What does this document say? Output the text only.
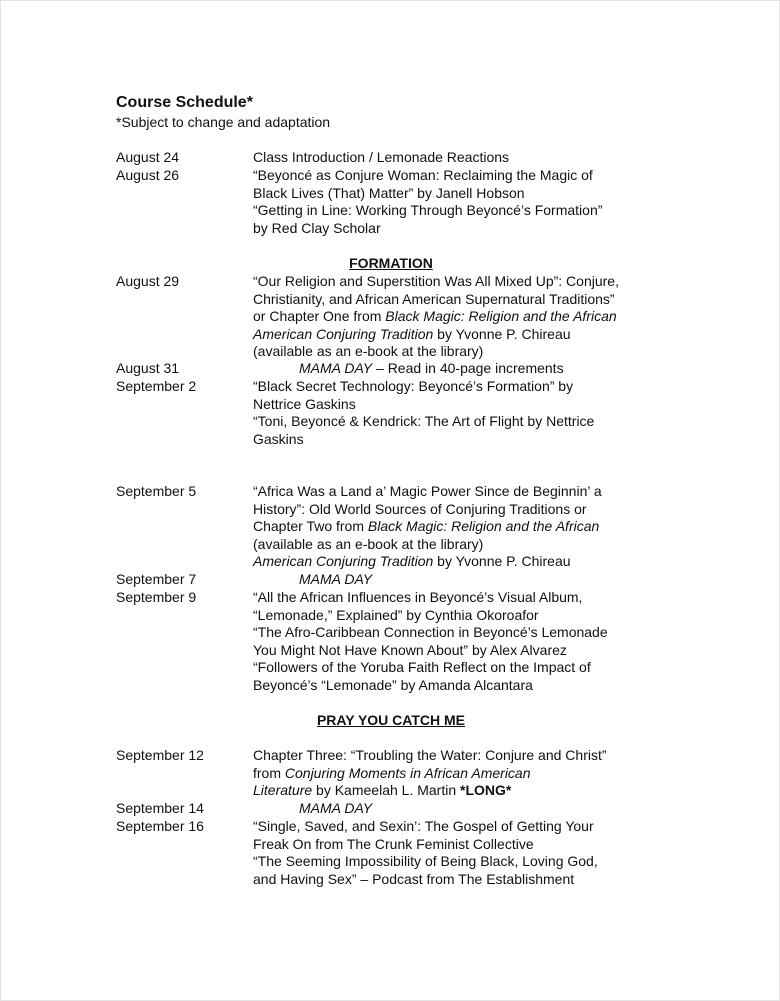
Course Schedule*
*Subject to change and adaptation
August 24	Class Introduction / Lemonade Reactions
August 26	“Beyoncé as Conjure Woman: Reclaiming the Magic of
Black Lives (That) Matter” by Janell Hobson
“Getting in Line: Working Through Beyoncé’s Formation”
by Red Clay Scholar
FORMATION
August 29	“Our Religion and Superstition Was All Mixed Up”: Conjure,
Christianity, and African American Supernatural Traditions”
or Chapter One from Black Magic: Religion and the African
American Conjuring Tradition by Yvonne P. Chireau
(available as an e-book at the library)
August 31	MAMA DAY – Read in 40-page increments
September 2	“Black Secret Technology: Beyoncé’s Formation” by
Nettrice Gaskins
“Toni, Beyoncé & Kendrick: The Art of Flight by Nettrice
Gaskins
September 5	“Africa Was a Land a’ Magic Power Since de Beginnin’ a
History”: Old World Sources of Conjuring Traditions or
Chapter Two from Black Magic: Religion and the African
(available as an e-book at the library)
American Conjuring Tradition by Yvonne P. Chireau
September 7	MAMA DAY
September 9	“All the African Influences in Beyoncé’s Visual Album,
“Lemonade,” Explained” by Cynthia Okoroafor
“The Afro-Caribbean Connection in Beyoncé’s Lemonade
You Might Not Have Known About” by Alex Alvarez
“Followers of the Yoruba Faith Reflect on the Impact of
Beyoncé’s “Lemonade” by Amanda Alcantara
PRAY YOU CATCH ME
September 12	Chapter Three: “Troubling the Water: Conjure and Christ”
from Conjuring Moments in African American
Literature by Kameelah L. Martin *LONG*
September 14	MAMA DAY
September 16	“Single, Saved, and Sexin’: The Gospel of Getting Your
Freak On from The Crunk Feminist Collective
“The Seeming Impossibility of Being Black, Loving God,
and Having Sex” – Podcast from The Establishment
